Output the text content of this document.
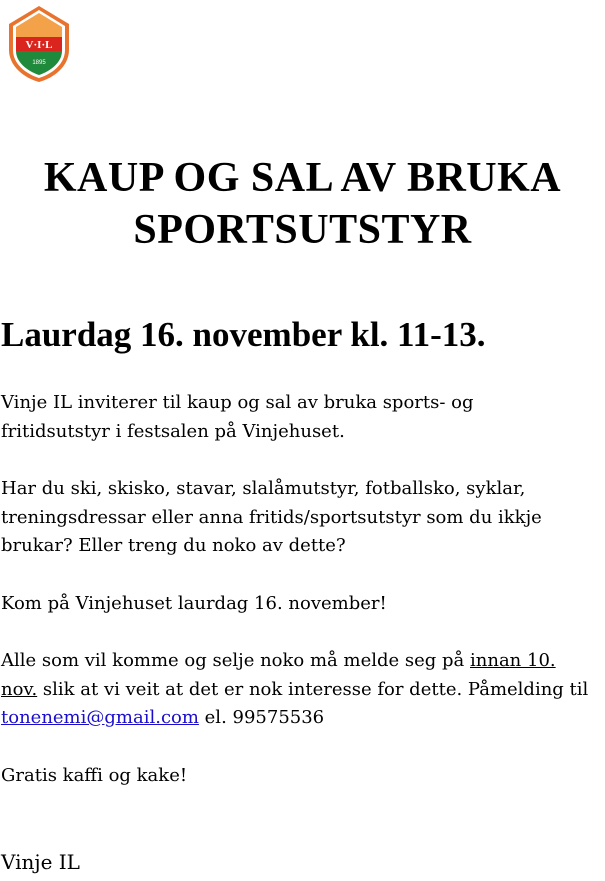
V·I·L
1895
KAUP OG SAL AV BRUKA
SPORTSUTSTYR
Laurdag 16. november kl. 11-13.

Vinje IL inviterer til kaup og sal av bruka sports- og
fritidsutstyr i festsalen på Vinjehuset.

Har du ski, skisko, stavar, slalåmutstyr, fotballsko, syklar,
treningsdressar eller anna fritids/sportsutstyr som du ikkje
brukar? Eller treng du noko av dette?

Kom på Vinjehuset laurdag 16. november!

Alle som vil komme og selje noko må melde seg på innan 10.
nov. slik at vi veit at det er nok interesse for dette. Påmelding til
tonenemi@gmail.com el. 99575536

Gratis kaffi og kake!

Vinje IL
